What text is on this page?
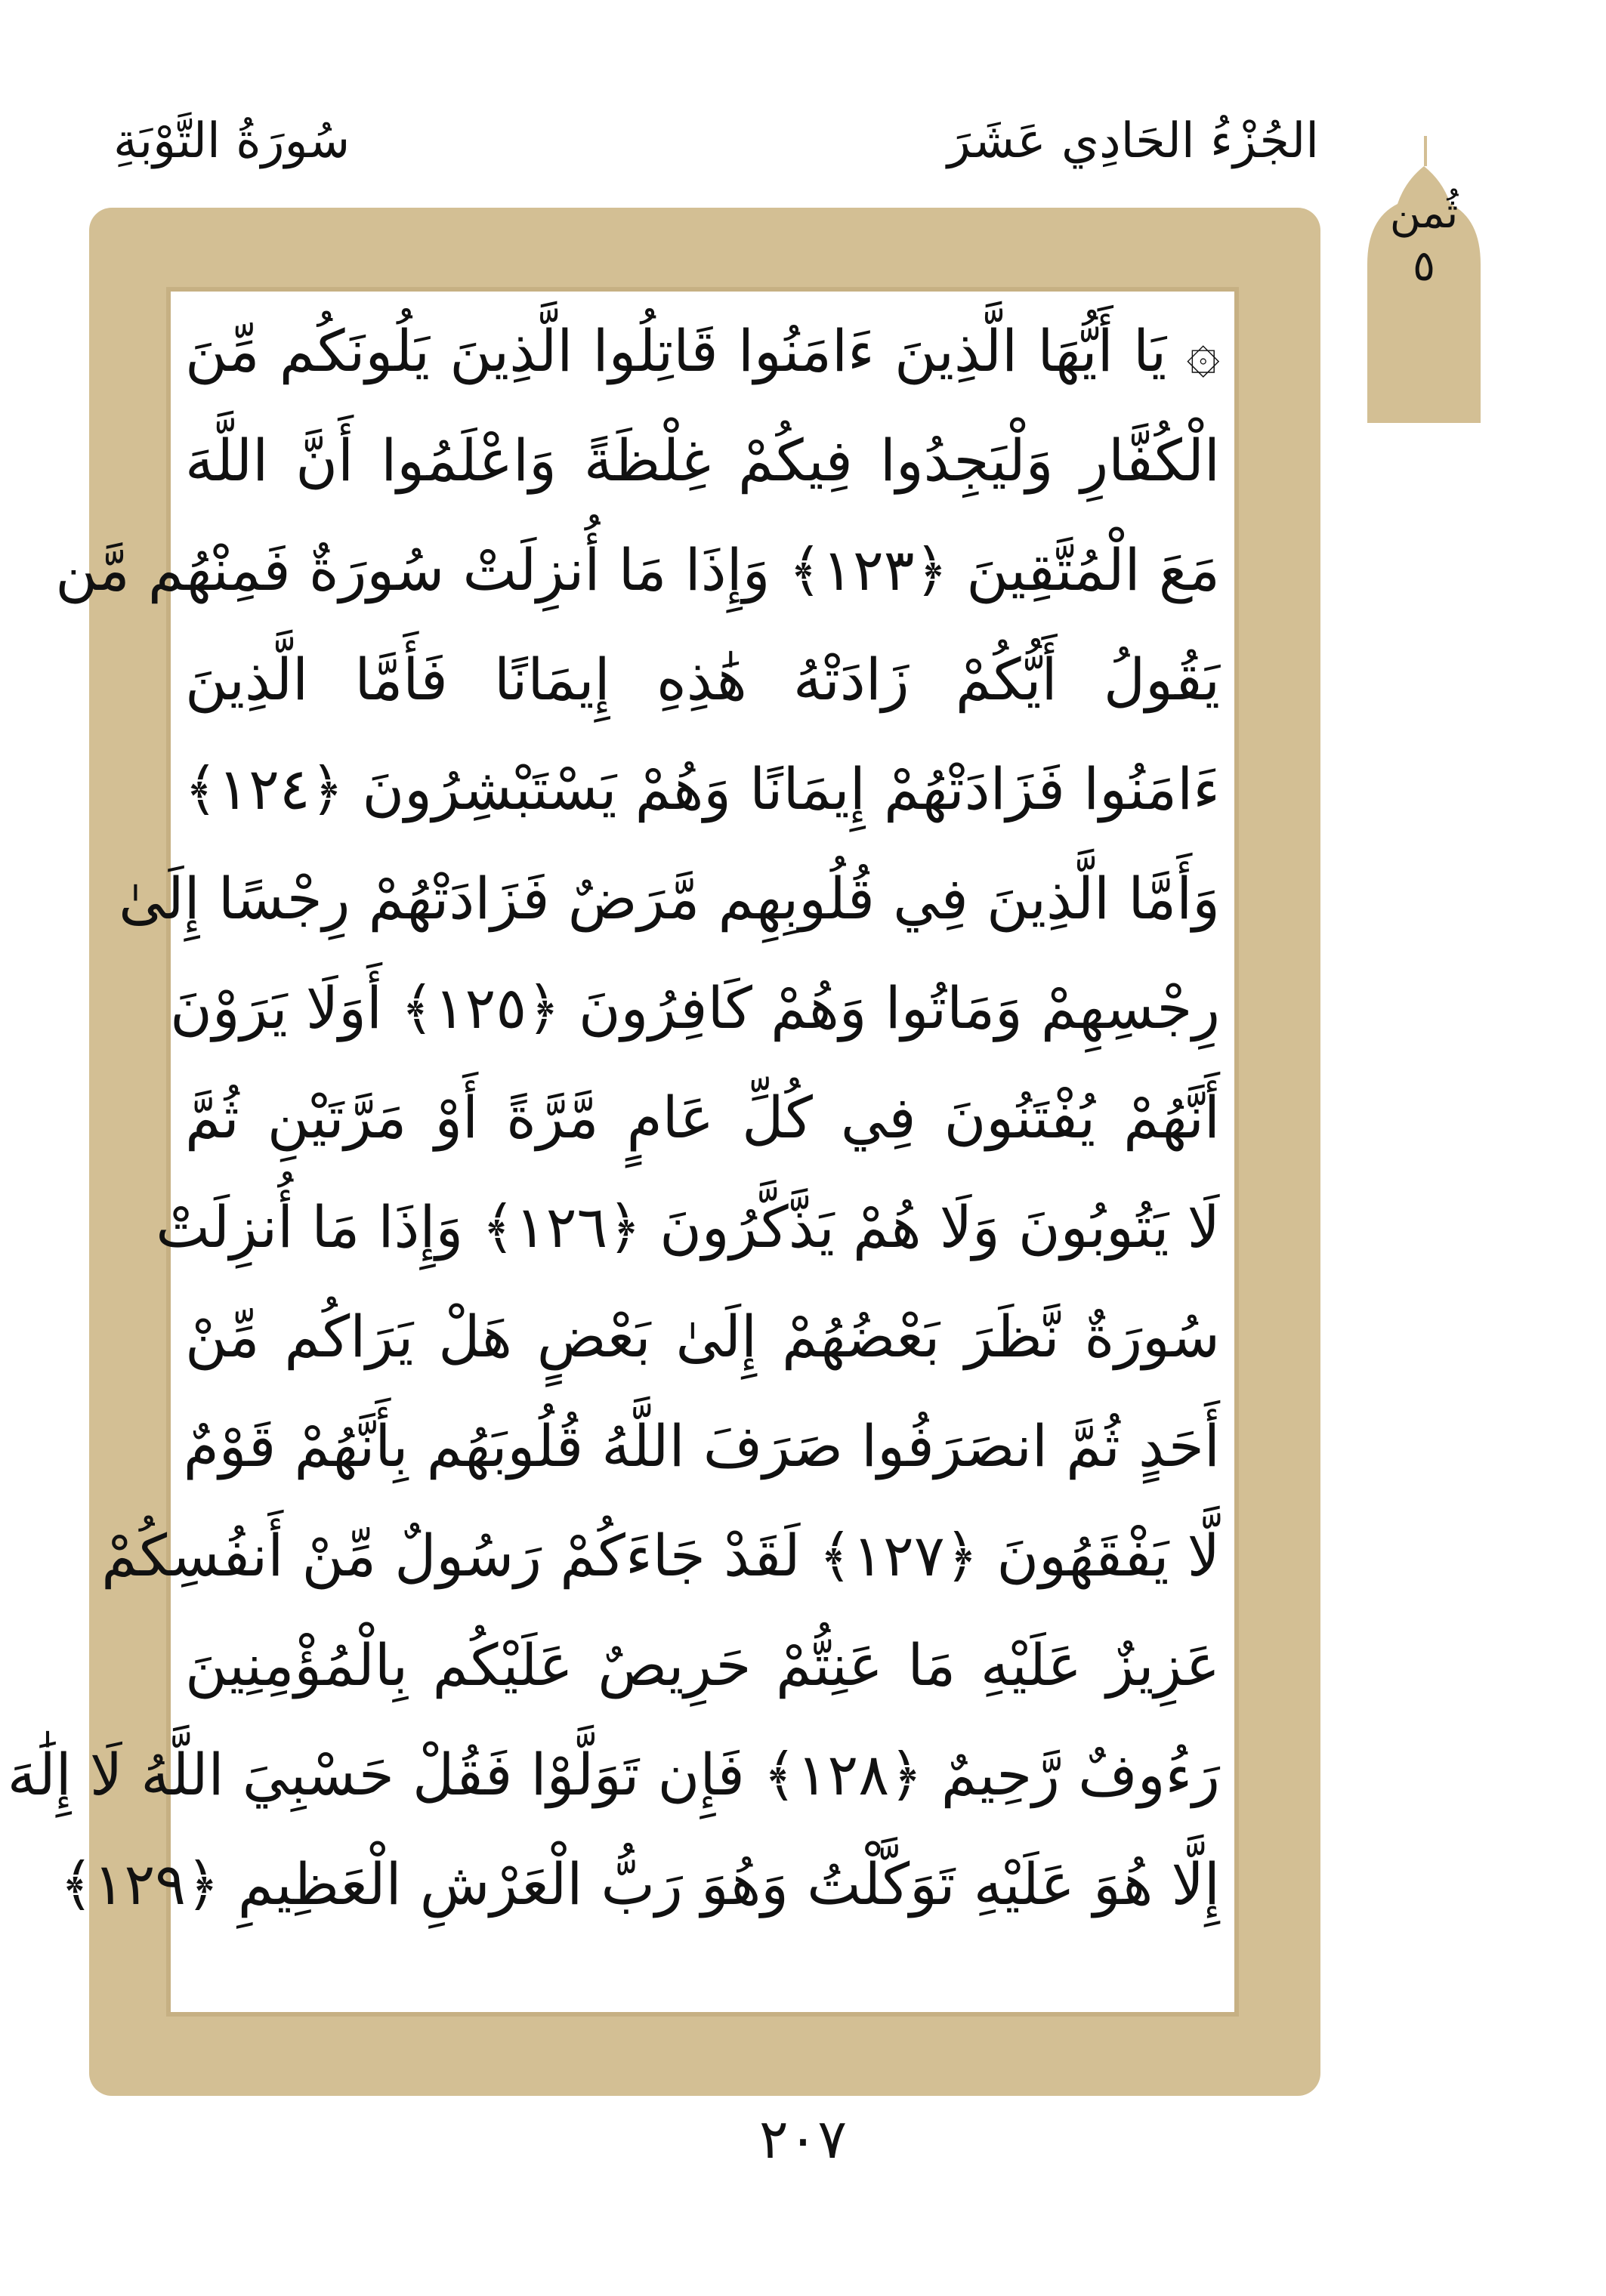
الجُزْءُ الحَادِي عَشَرَ
سُورَةُ التَّوْبَةِ
ثُمن
٥
۞ يَا أَيُّهَا الَّذِينَ ءَامَنُوا قَاتِلُوا الَّذِينَ يَلُونَكُم مِّنَ
الْكُفَّارِ وَلْيَجِدُوا فِيكُمْ غِلْظَةً وَاعْلَمُوا أَنَّ اللَّهَ
مَعَ الْمُتَّقِينَ ﴿١٢٣﴾ وَإِذَا مَا أُنزِلَتْ سُورَةٌ فَمِنْهُم مَّن
يَقُولُ أَيُّكُمْ زَادَتْهُ هَٰذِهِ إِيمَانًا فَأَمَّا الَّذِينَ
ءَامَنُوا فَزَادَتْهُمْ إِيمَانًا وَهُمْ يَسْتَبْشِرُونَ ﴿١٢٤﴾
وَأَمَّا الَّذِينَ فِي قُلُوبِهِم مَّرَضٌ فَزَادَتْهُمْ رِجْسًا إِلَىٰ
رِجْسِهِمْ وَمَاتُوا وَهُمْ كَافِرُونَ ﴿١٢٥﴾ أَوَلَا يَرَوْنَ
أَنَّهُمْ يُفْتَنُونَ فِي كُلِّ عَامٍ مَّرَّةً أَوْ مَرَّتَيْنِ ثُمَّ
لَا يَتُوبُونَ وَلَا هُمْ يَذَّكَّرُونَ ﴿١٢٦﴾ وَإِذَا مَا أُنزِلَتْ
سُورَةٌ نَّظَرَ بَعْضُهُمْ إِلَىٰ بَعْضٍ هَلْ يَرَاكُم مِّنْ
أَحَدٍ ثُمَّ انصَرَفُوا صَرَفَ اللَّهُ قُلُوبَهُم بِأَنَّهُمْ قَوْمٌ
لَّا يَفْقَهُونَ ﴿١٢٧﴾ لَقَدْ جَاءَكُمْ رَسُولٌ مِّنْ أَنفُسِكُمْ
عَزِيزٌ عَلَيْهِ مَا عَنِتُّمْ حَرِيصٌ عَلَيْكُم بِالْمُؤْمِنِينَ
رَءُوفٌ رَّحِيمٌ ﴿١٢٨﴾ فَإِن تَوَلَّوْا فَقُلْ حَسْبِيَ اللَّهُ لَا إِلَٰهَ
إِلَّا هُوَ عَلَيْهِ تَوَكَّلْتُ وَهُوَ رَبُّ الْعَرْشِ الْعَظِيمِ ﴿١٢٩﴾
٢٠٧
